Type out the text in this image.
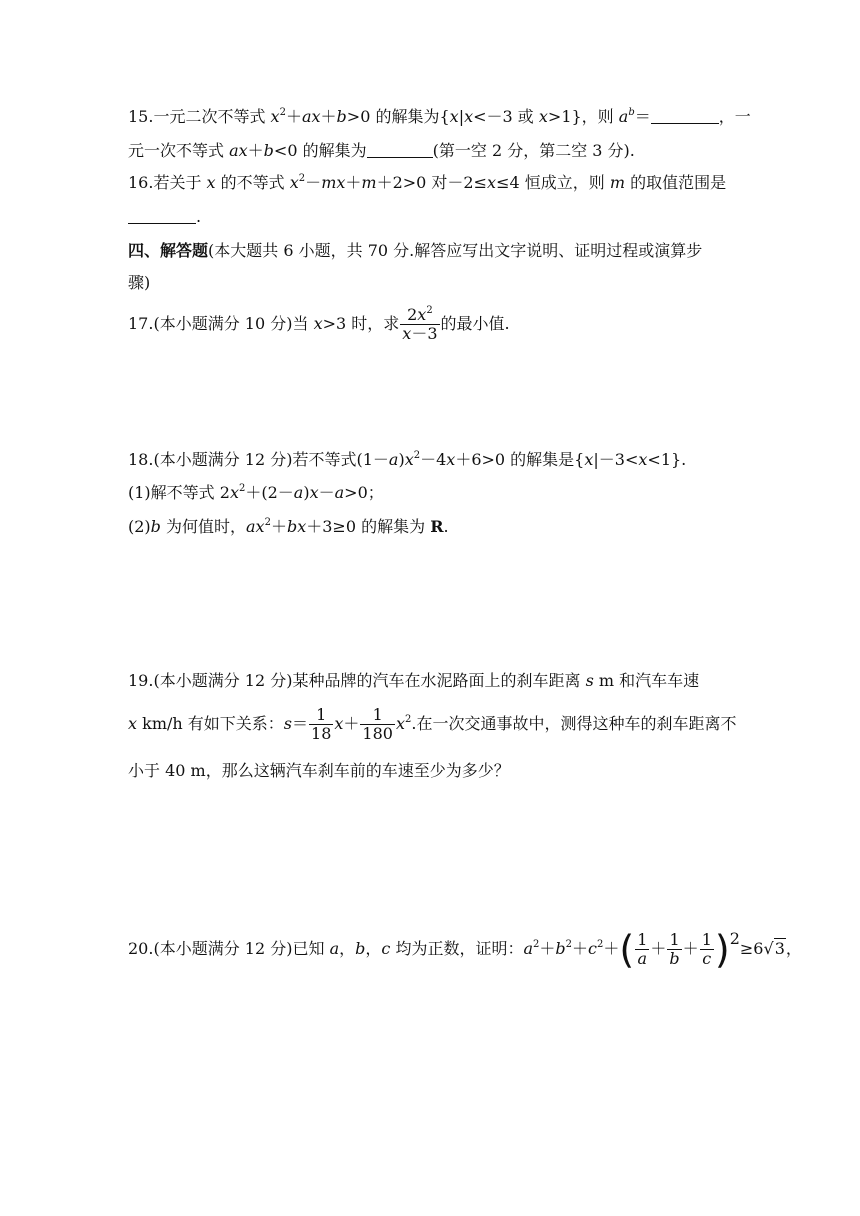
15.一元二次不等式 $x^2+ax+b>0$ 的解集为{x|x<－3 或 x>1}，则 $a^b=$	，一
元一次不等式 ax＋b<0 的解集为	(第一空 2 分，第二空 3 分).
16.若关于 x 的不等式 $x^2-mx+m+2>0$ 对－2≤x≤4 恒成立，则 m 的取值范围是
.
四、解答题(本大题共 6 小题，共 70 分.解答应写出文字说明、证明过程或演算步
骤)
17.(本小题满分 10 分)当 x>3 时，求 $\frac{2x^2}{x-3}$ 的最小值.
18.(本小题满分 12 分)若不等式$(1-a)x^2-4x+6>0$ 的解集是{x|－3<x<1}.
(1)解不等式 $2x^2+(2-a)x-a>0$；
(2)b 为何值时，$ax^2+bx+3\ge 0$ 的解集为 R.
19.(本小题满分 12 分)某种品牌的汽车在水泥路面上的刹车距离 s m 和汽车车速
x km/h 有如下关系：$s= \frac{1}{18} x+ \frac{1}{180} x^2$.在一次交通事故中，测得这种车的刹车距离不
小于 40 m，那么这辆汽车刹车前的车速至少为多少？
20.(本小题满分 12 分)已知 a，b，c 均为正数，证明：$a^2+b^2+c^2+( \frac{1}{a} + \frac{1}{b} + \frac{1}{c} )2\ge 6√3$，
